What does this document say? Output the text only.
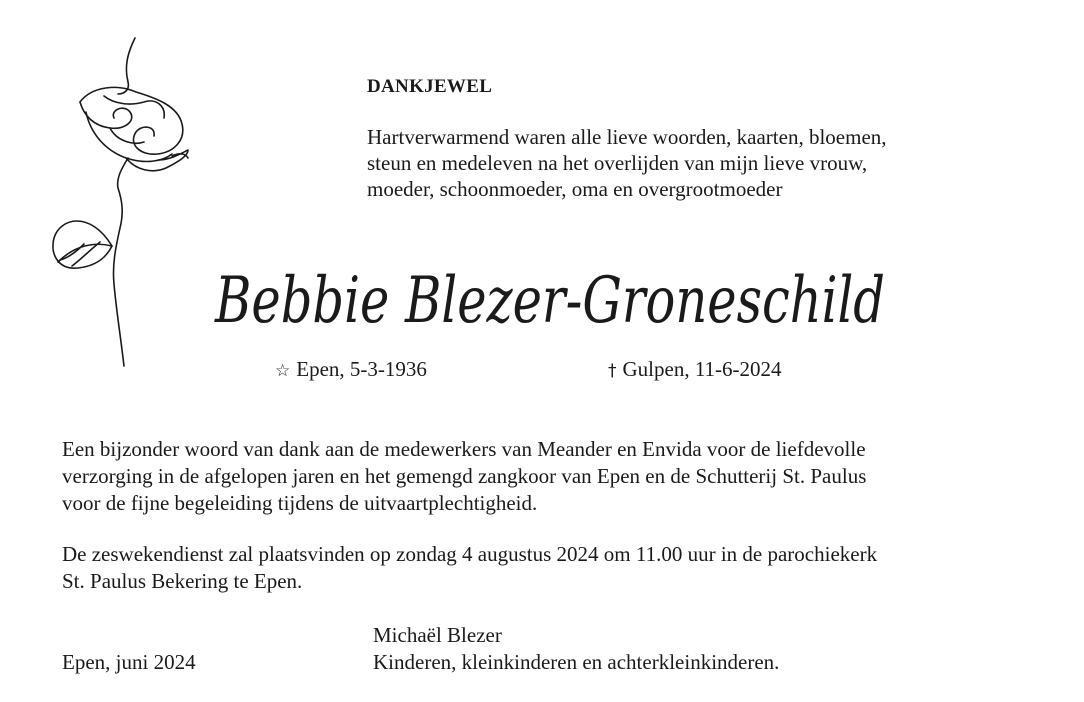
DANKJEWEL

Hartverwarmend waren alle lieve woorden, kaarten, bloemen,
steun en medeleven na het overlijden van mijn lieve vrouw,
moeder, schoonmoeder, oma en overgrootmoeder

Bebbie Blezer-Groneschild
☆ Epen, 5-3-1936	† Gulpen, 11-6-2024

Een bijzonder woord van dank aan de medewerkers van Meander en Envida voor de liefdevolle
verzorging in de afgelopen jaren en het gemengd zangkoor van Epen en de Schutterij St. Paulus
voor de fijne begeleiding tijdens de uitvaartplechtigheid.

De zeswekendienst zal plaatsvinden op zondag 4 augustus 2024 om 11.00 uur in de parochiekerk
St. Paulus Bekering te Epen.

Epen, juni 2024
Michaël Blezer
Kinderen, kleinkinderen en achterkleinkinderen.
